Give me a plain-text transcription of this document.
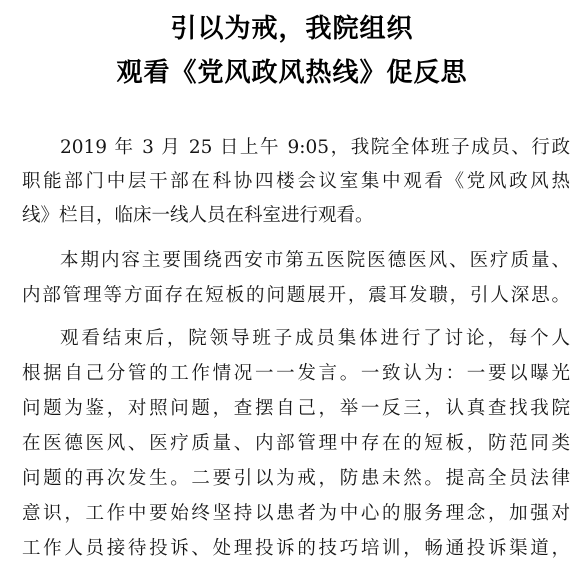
引以为戒，我院组织
观看《党风政风热线》促反思
2019 年 3 月 25 日上午 9:05，我院全体班子成员、行政
职能部门中层干部在科协四楼会议室集中观看《党风政风热
线》栏目，临床一线人员在科室进行观看。
本期内容主要围绕西安市第五医院医德医风、医疗质量、
内部管理等方面存在短板的问题展开，震耳发聩，引人深思。
观看结束后，院领导班子成员集体进行了讨论，每个人
根据自己分管的工作情况一一发言。一致认为：一要以曝光
问题为鉴，对照问题，查摆自己，举一反三，认真查找我院
在医德医风、医疗质量、内部管理中存在的短板，防范同类
问题的再次发生。二要引以为戒，防患未然。提高全员法律
意识，工作中要始终坚持以患者为中心的服务理念，加强对
工作人员接待投诉、处理投诉的技巧培训，畅通投诉渠道，
